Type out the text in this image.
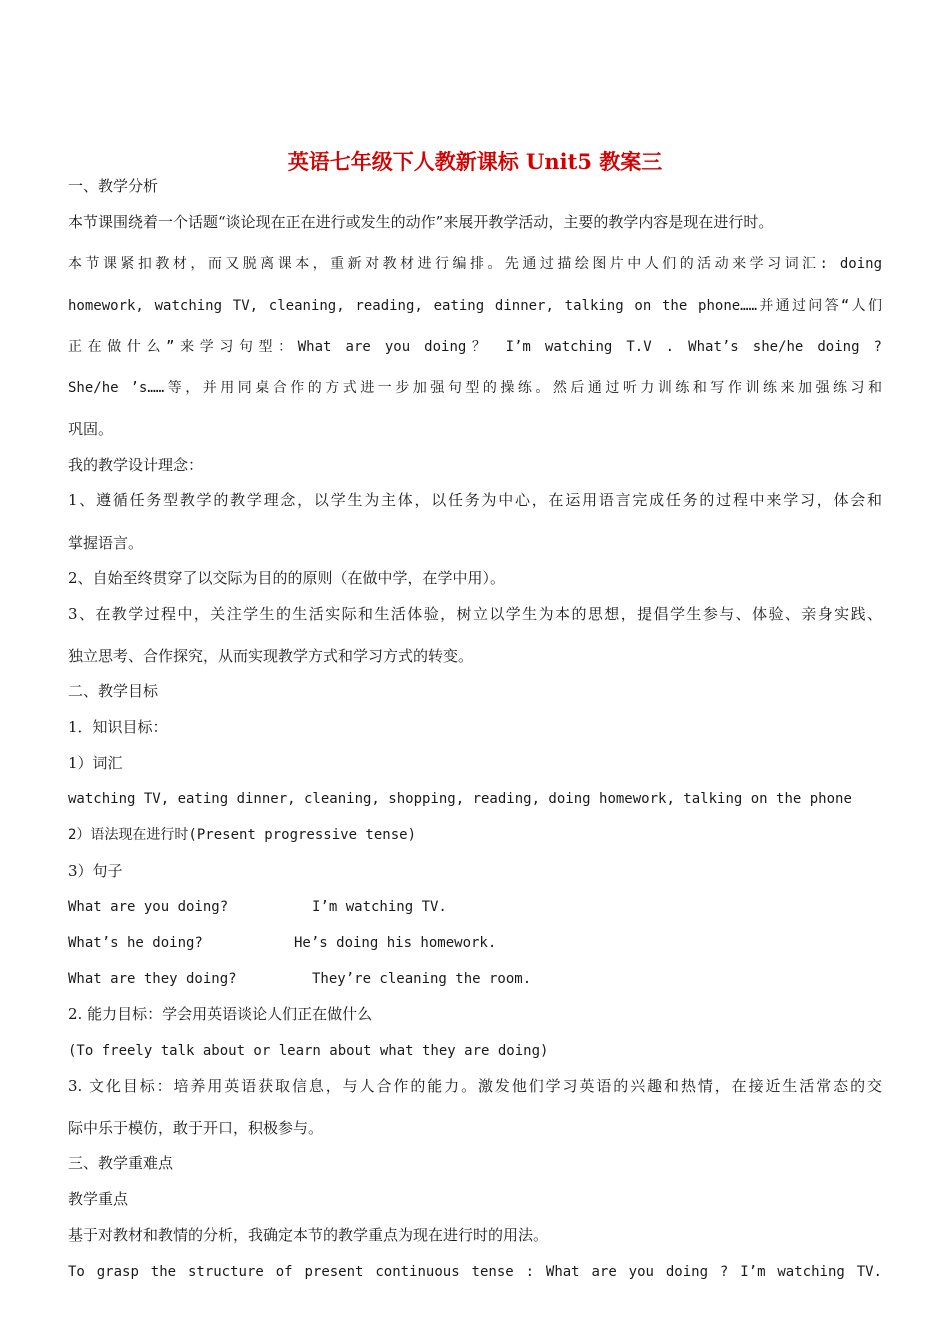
英语七年级下人教新课标 Unit5 教案三
一、教学分析
本节课围绕着一个话题“谈论现在正在进行或发生的动作”来展开教学活动，主要的教学内容是现在进行时。
本节课紧扣教材，而又脱离课本，重新对教材进行编排。先通过描绘图片中人们的活动来学习词汇: doing
homework, watching TV, cleaning, reading, eating dinner, talking on the phone……并通过问答“人们
正在做什么”来学习句型：What are you doing？ I’m watching T.V . What’s she/he doing ?
She/he ’s……等，并用同桌合作的方式进一步加强句型的操练。然后通过听力训练和写作训练来加强练习和
巩固。
我的教学设计理念：
1、遵循任务型教学的教学理念，以学生为主体，以任务为中心，在运用语言完成任务的过程中来学习，体会和
掌握语言。
2、自始至终贯穿了以交际为目的的原则（在做中学，在学中用）。
3、在教学过程中，关注学生的生活实际和生活体验，树立以学生为本的思想，提倡学生参与、体验、亲身实践、
独立思考、合作探究，从而实现教学方式和学习方式的转变。
二、教学目标
1．知识目标：
1）词汇
watching TV, eating dinner, cleaning, shopping, reading, doing homework, talking on the phone
2）语法现在进行时(Present progressive tense)
3）句子
What are you doing?	I’m watching TV.
What’s he doing?	He’s doing his homework.
What are they doing?	They’re cleaning the room.
2. 能力目标：学会用英语谈论人们正在做什么
(To freely talk about or learn about what they are doing)
3. 文化目标：培养用英语获取信息，与人合作的能力。激发他们学习英语的兴趣和热情，在接近生活常态的交
际中乐于模仿，敢于开口，积极参与。
三、教学重难点
教学重点
基于对教材和教情的分析，我确定本节的教学重点为现在进行时的用法。
To grasp the structure of present continuous tense : What are you doing ? I’m watching TV.
